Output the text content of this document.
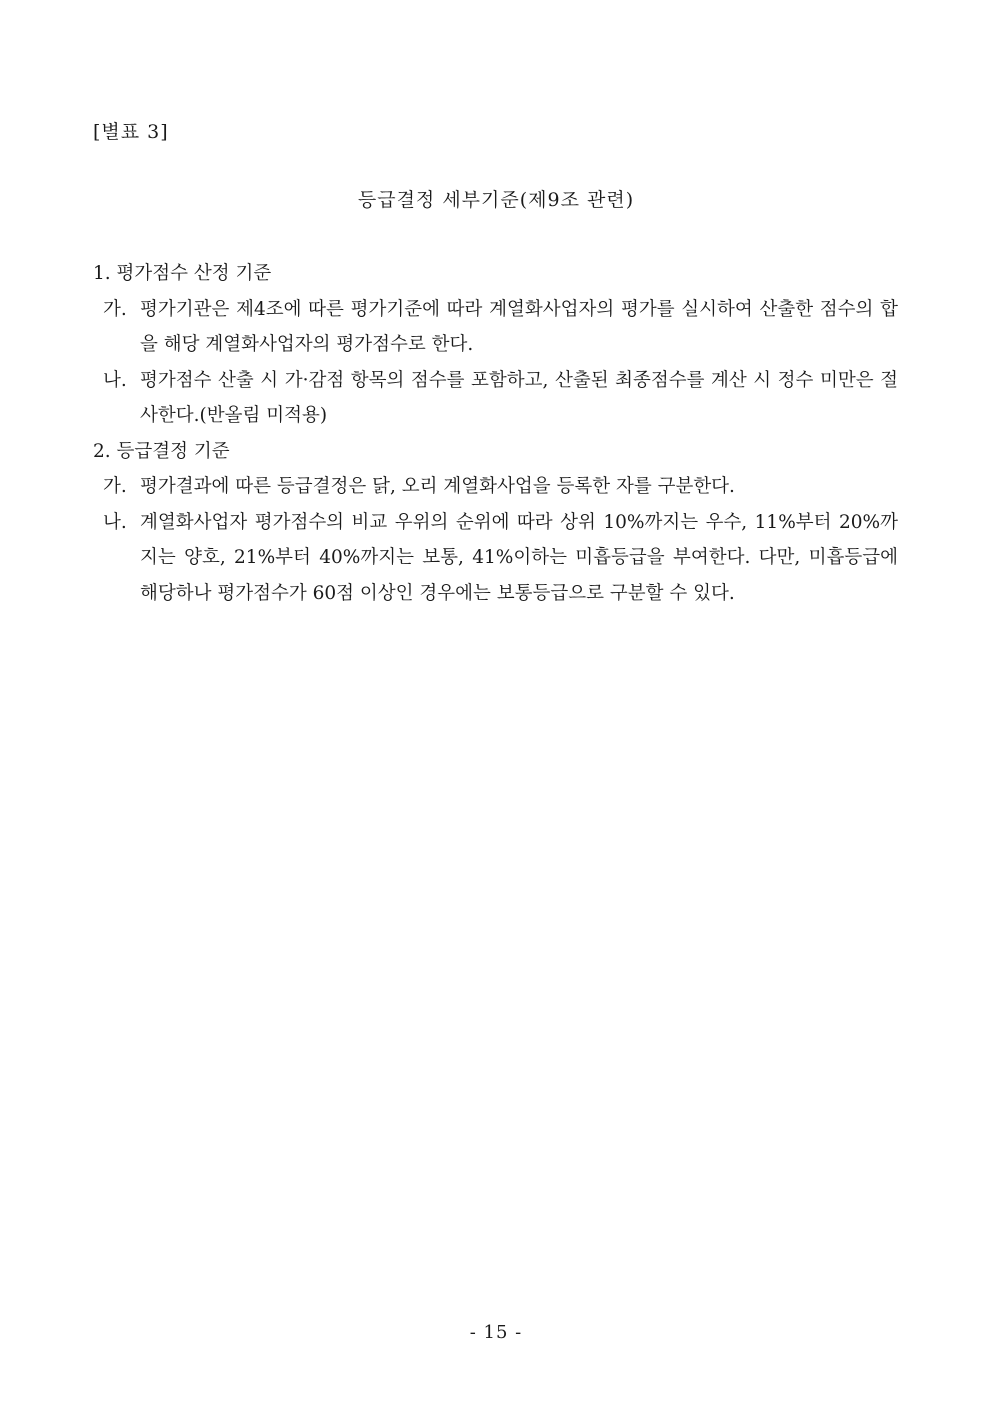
[별표 3]
등급결정 세부기준(제9조 관련)
1. 평가점수 산정 기준
가. 평가기관은 제4조에 따른 평가기준에 따라 계열화사업자의 평가를 실시하여 산출한 점수의 합을 해당 계열화사업자의 평가점수로 한다.
나. 평가점수 산출 시 가·감점 항목의 점수를 포함하고, 산출된 최종점수를 계산 시 정수 미만은 절사한다.(반올림 미적용)
2. 등급결정 기준
가. 평가결과에 따른 등급결정은 닭, 오리 계열화사업을 등록한 자를 구분한다.
나. 계열화사업자 평가점수의 비교 우위의 순위에 따라 상위 10%까지는 우수, 11%부터 20%까지는 양호, 21%부터 40%까지는 보통, 41%이하는 미흡등급을 부여한다. 다만, 미흡등급에 해당하나 평가점수가 60점 이상인 경우에는 보통등급으로 구분할 수 있다.
- 15 -
